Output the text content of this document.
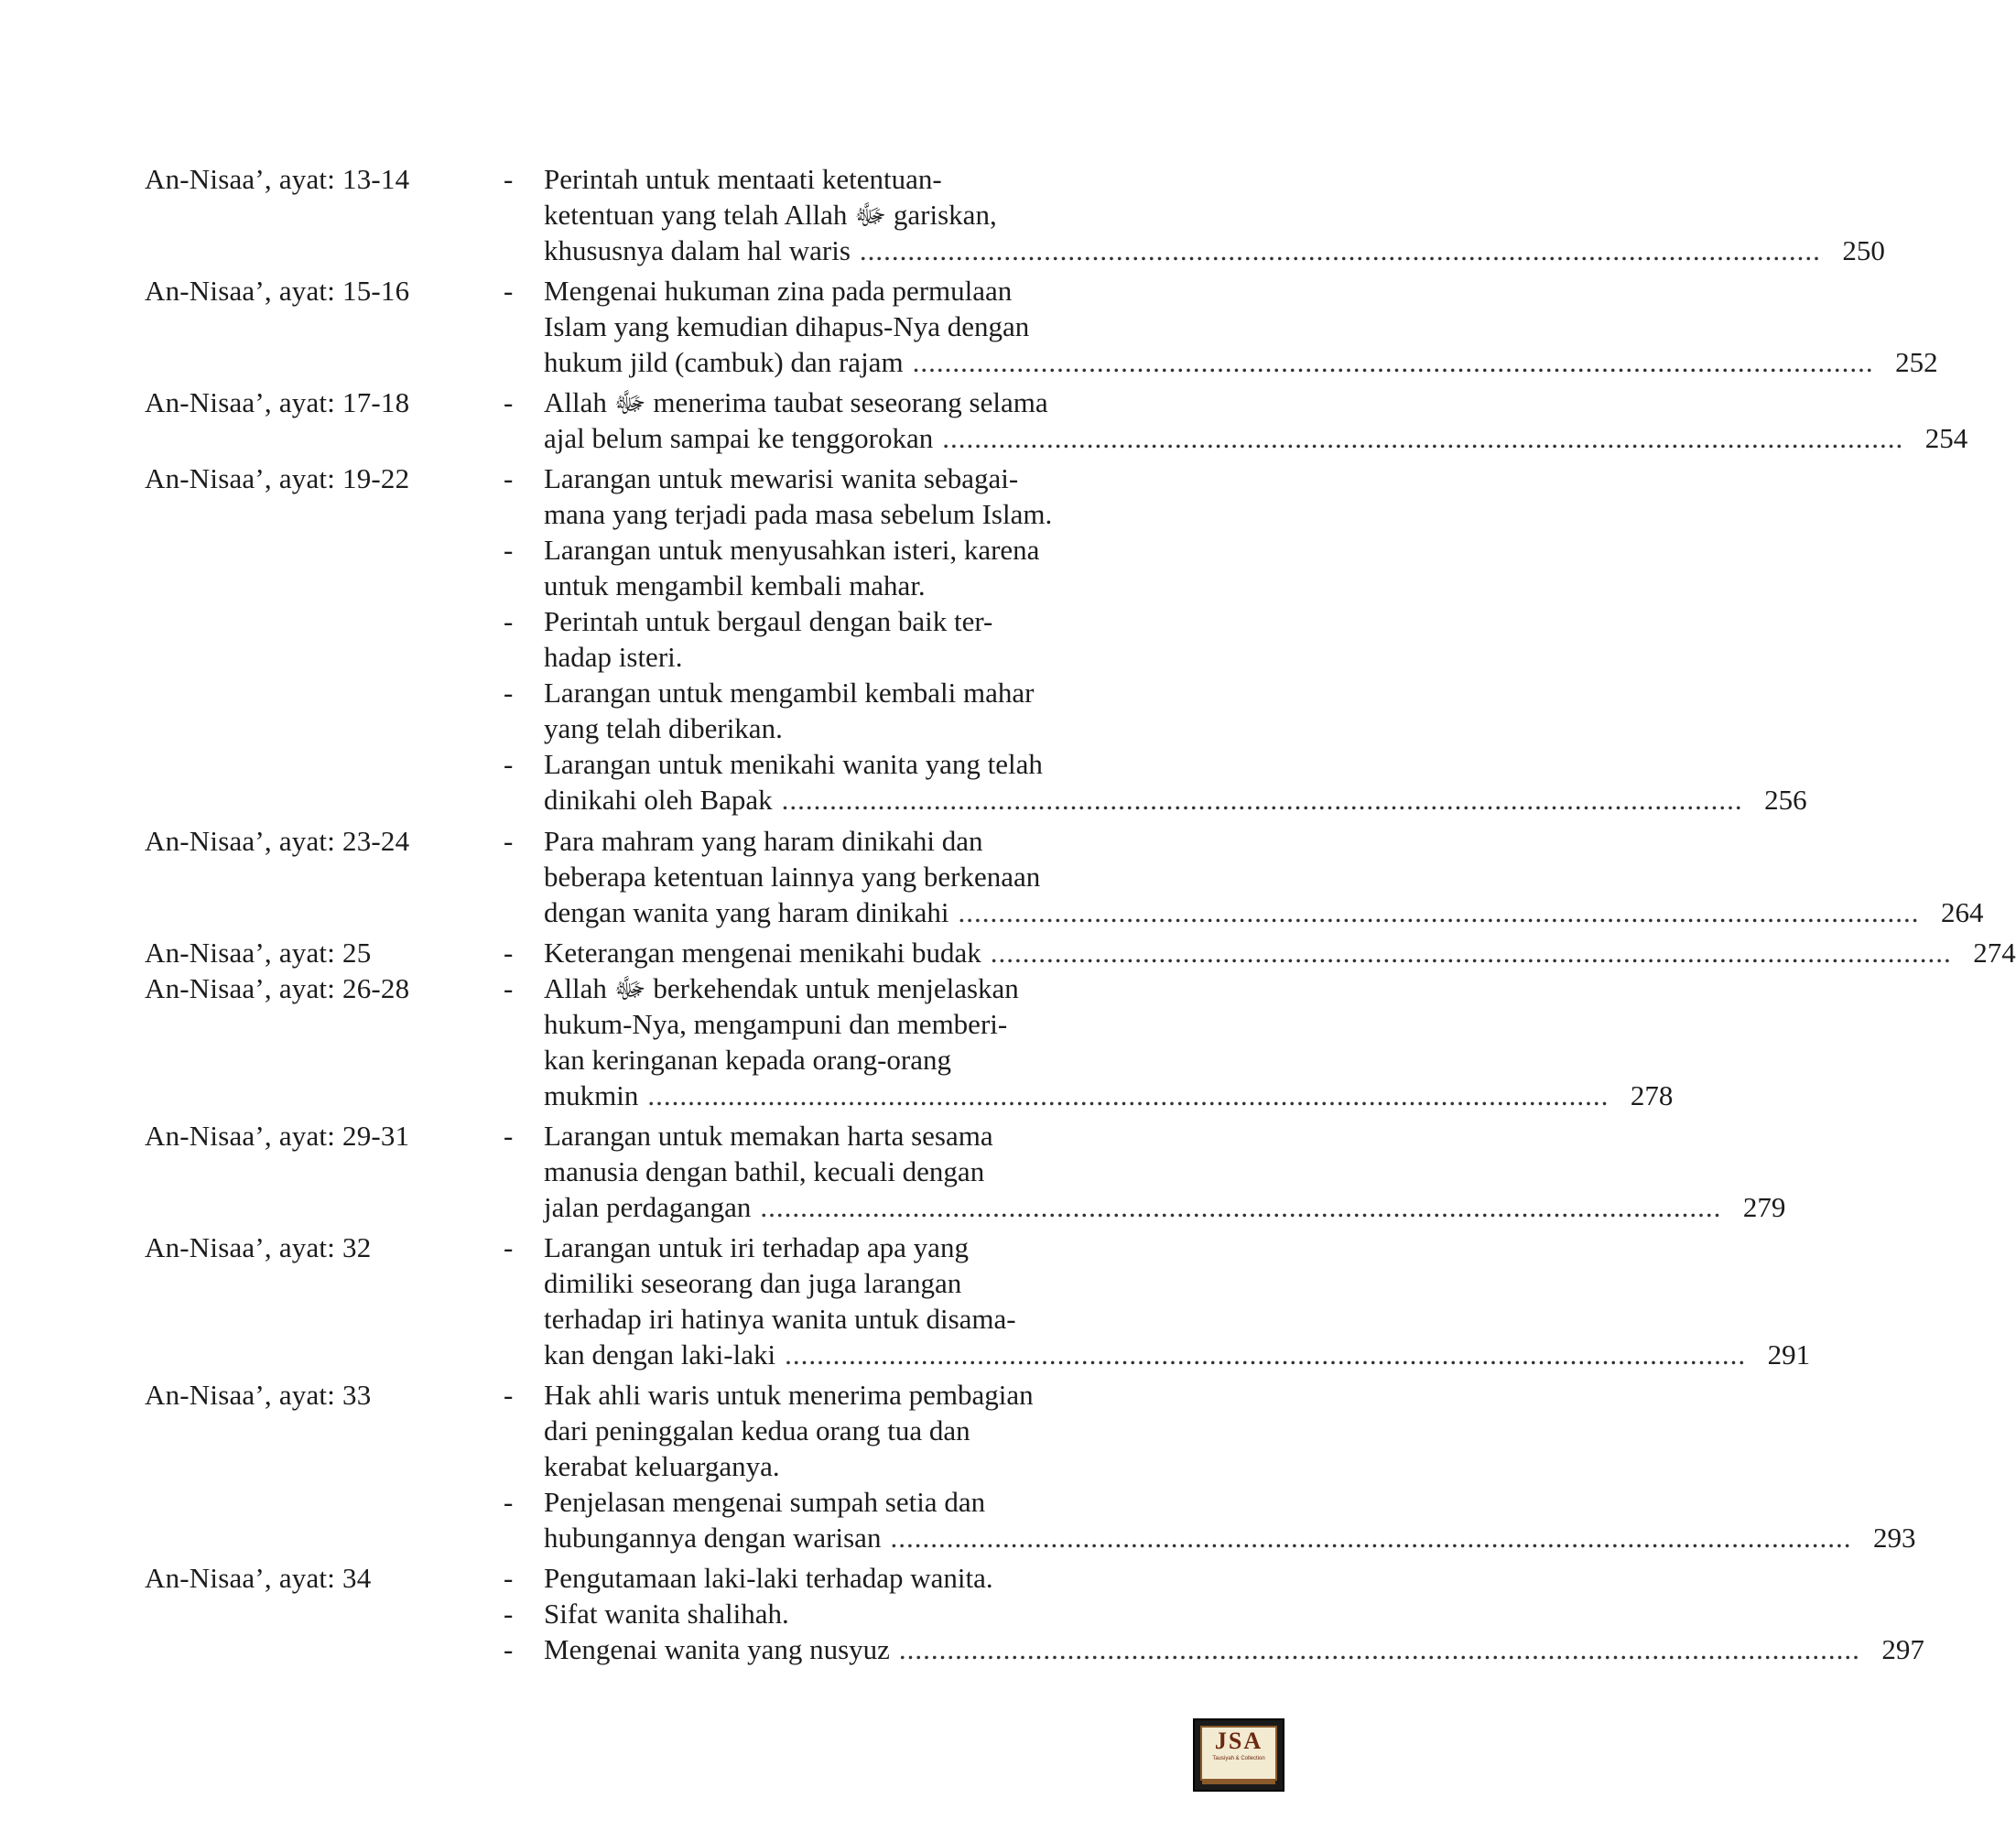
An-Nisaa’, ayat: 13-14	-	Perintah untuk mentaati ketentuan-
ketentuan yang telah Allah ﷻ gariskan,
khususnya dalam hal waris ........................................................................................................................ 250
An-Nisaa’, ayat: 15-16	-	Mengenai hukuman zina pada permulaan
Islam yang kemudian dihapus-Nya dengan
hukum jild (cambuk) dan rajam ........................................................................................................................ 252
An-Nisaa’, ayat: 17-18	-	Allah ﷻ menerima taubat seseorang selama
ajal belum sampai ke tenggorokan ........................................................................................................................ 254
An-Nisaa’, ayat: 19-22	-	Larangan untuk mewarisi wanita sebagai-
mana yang terjadi pada masa sebelum Islam.
-	Larangan untuk menyusahkan isteri, karena
untuk mengambil kembali mahar.
-	Perintah untuk bergaul dengan baik ter-
hadap isteri.
-	Larangan untuk mengambil kembali mahar
yang telah diberikan.
-	Larangan untuk menikahi wanita yang telah
dinikahi oleh Bapak ........................................................................................................................ 256
An-Nisaa’, ayat: 23-24	-	Para mahram yang haram dinikahi dan
beberapa ketentuan lainnya yang berkenaan
dengan wanita yang haram dinikahi ........................................................................................................................ 264
An-Nisaa’, ayat: 25	-	Keterangan mengenai menikahi budak ........................................................................................................................ 274
An-Nisaa’, ayat: 26-28	-	Allah ﷻ berkehendak untuk menjelaskan
hukum-Nya, mengampuni dan memberi-
kan keringanan kepada orang-orang
mukmin ........................................................................................................................ 278
An-Nisaa’, ayat: 29-31	-	Larangan untuk memakan harta sesama
manusia dengan bathil, kecuali dengan
jalan perdagangan ........................................................................................................................ 279
An-Nisaa’, ayat: 32	-	Larangan untuk iri terhadap apa yang
dimiliki seseorang dan juga larangan
terhadap iri hatinya wanita untuk disama-
kan dengan laki-laki ........................................................................................................................ 291
An-Nisaa’, ayat: 33	-	Hak ahli waris untuk menerima pembagian
dari peninggalan kedua orang tua dan
kerabat keluarganya.
-	Penjelasan mengenai sumpah setia dan
hubungannya dengan warisan ........................................................................................................................ 293
An-Nisaa’, ayat: 34	-	Pengutamaan laki-laki terhadap wanita.
-	Sifat wanita shalihah.
-	Mengenai wanita yang nusyuz ........................................................................................................................ 297
JSA
Tausiyah & Collection
